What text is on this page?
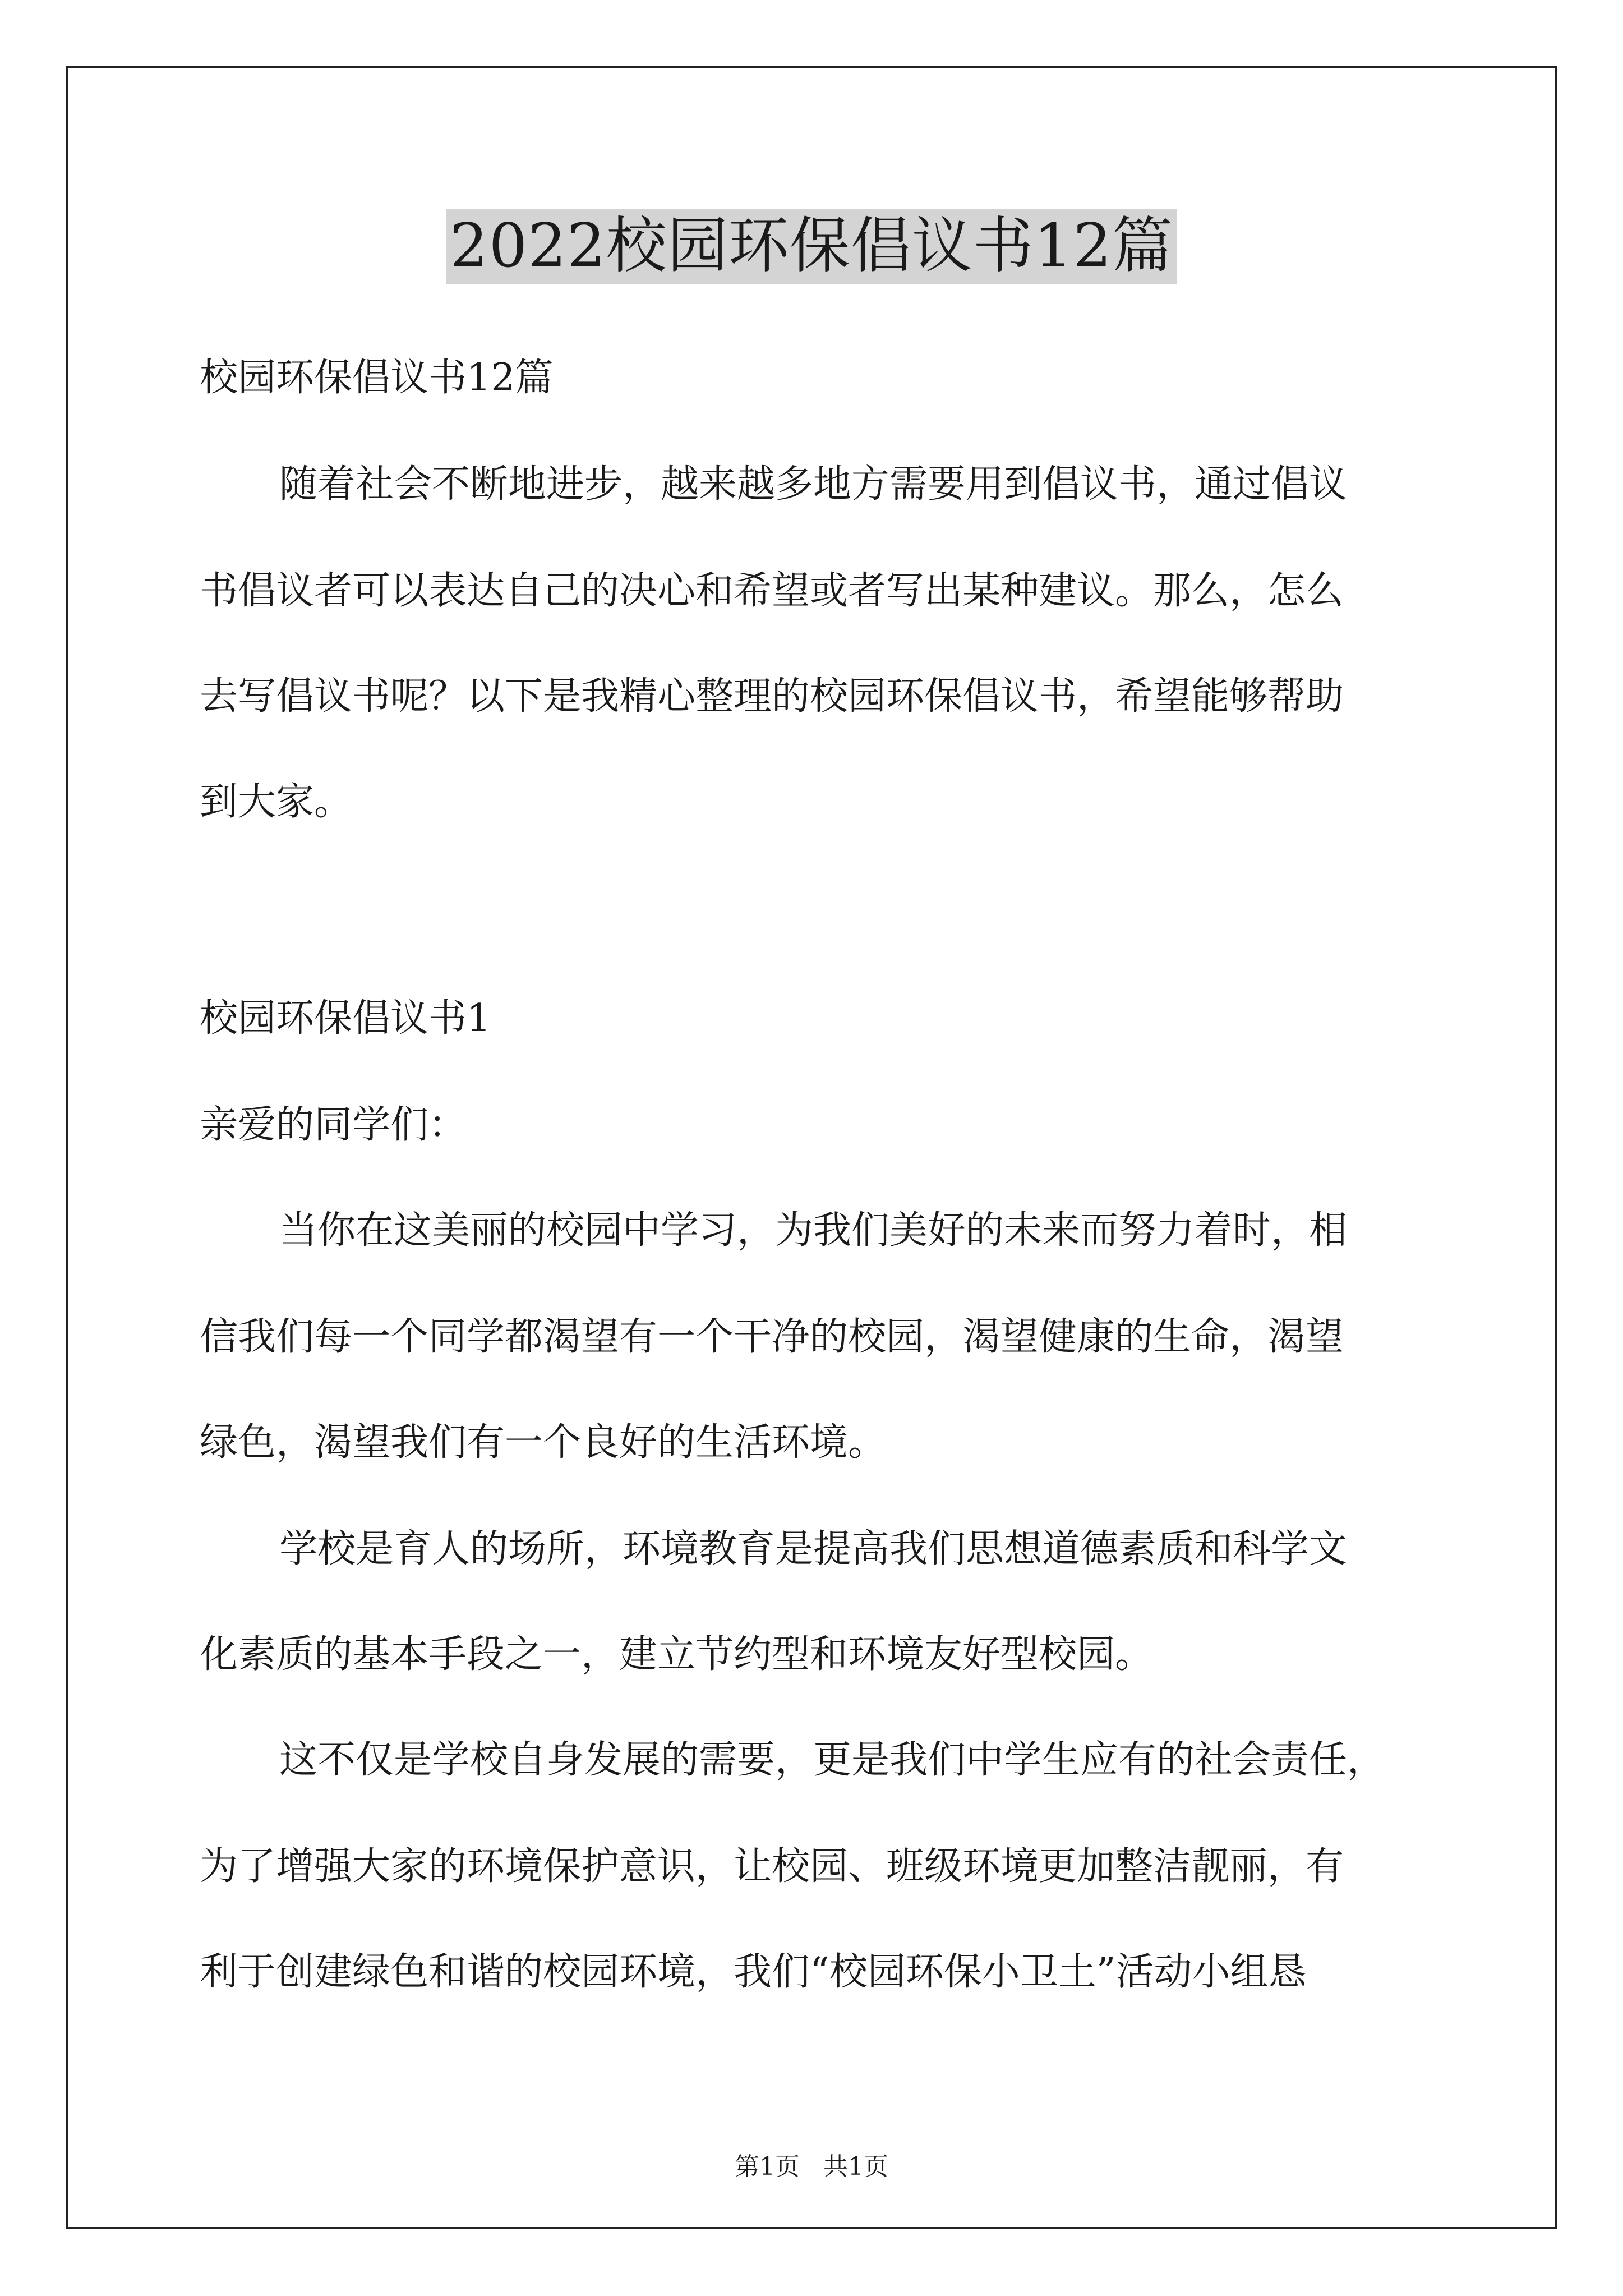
2022校园环保倡议书12篇
校园环保倡议书12篇
随着社会不断地进步，越来越多地方需要用到倡议书，通过倡议
书倡议者可以表达自己的决心和希望或者写出某种建议。那么，怎么
去写倡议书呢？以下是我精心整理的校园环保倡议书，希望能够帮助
到大家。
校园环保倡议书1
亲爱的同学们：
当你在这美丽的校园中学习，为我们美好的未来而努力着时，相
信我们每一个同学都渴望有一个干净的校园，渴望健康的生命，渴望
绿色，渴望我们有一个良好的生活环境。
学校是育人的场所，环境教育是提高我们思想道德素质和科学文
化素质的基本手段之一，建立节约型和环境友好型校园。
这不仅是学校自身发展的需要，更是我们中学生应有的社会责任，
为了增强大家的环境保护意识，让校园、班级环境更加整洁靓丽，有
利于创建绿色和谐的校园环境，我们“校园环保小卫土”活动小组恳
第1页 共1页
